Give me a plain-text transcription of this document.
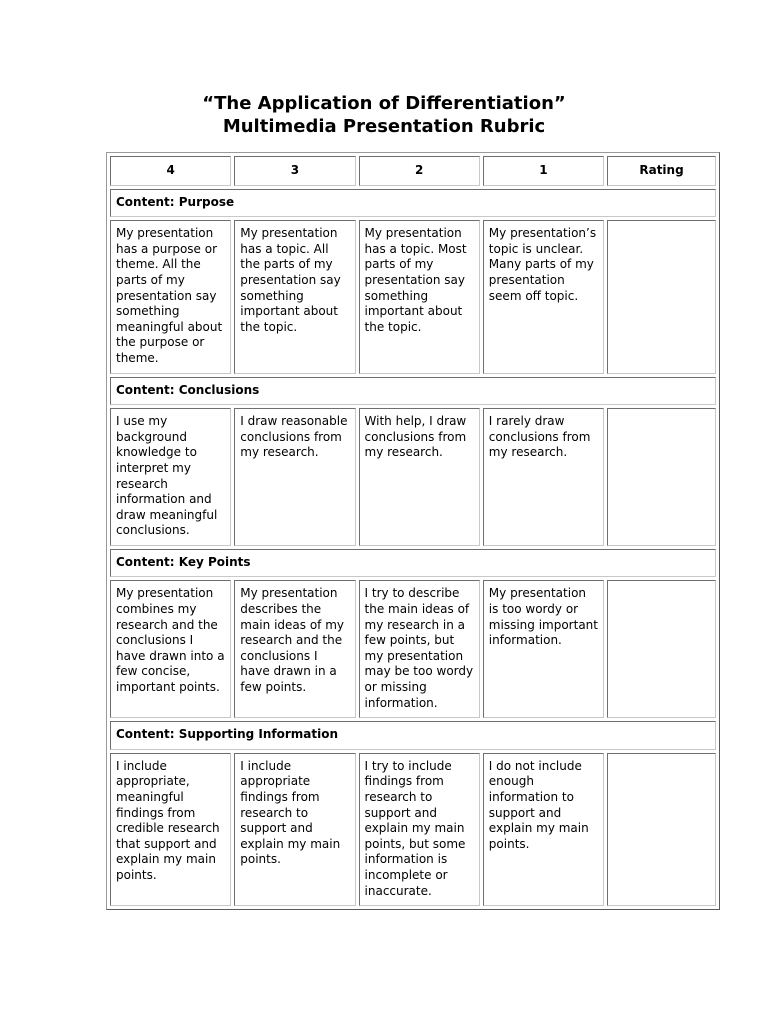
“The Application of Differentiation”
Multimedia Presentation Rubric
4	3	2	1	Rating
Content: Purpose				
My presentation has a purpose or theme. All the parts of my presentation say something meaningful about the purpose or theme.	My presentation has a topic. All the parts of my presentation say something important about the topic.	My presentation has a topic. Most parts of my presentation say something important about the topic.	My presentation’s topic is unclear. Many parts of my presentation seem off topic.	
Content: Conclusions				
I use my background knowledge to interpret my research information and draw meaningful conclusions.	I draw reasonable conclusions from my research.	With help, I draw conclusions from my research.	I rarely draw conclusions from my research.	
Content: Key Points				
My presentation combines my research and the conclusions I have drawn into a few concise, important points.	My presentation describes the main ideas of my research and the conclusions I have drawn in a few points.	I try to describe the main ideas of my research in a few points, but my presentation may be too wordy or missing information.	My presentation is too wordy or missing important information.	
Content: Supporting Information				
I include appropriate, meaningful findings from credible research that support and explain my main points.	I include appropriate findings from research to support and explain my main points.	I try to include findings from research to support and explain my main points, but some information is incomplete or inaccurate.	I do not include enough information to support and explain my main points.	
